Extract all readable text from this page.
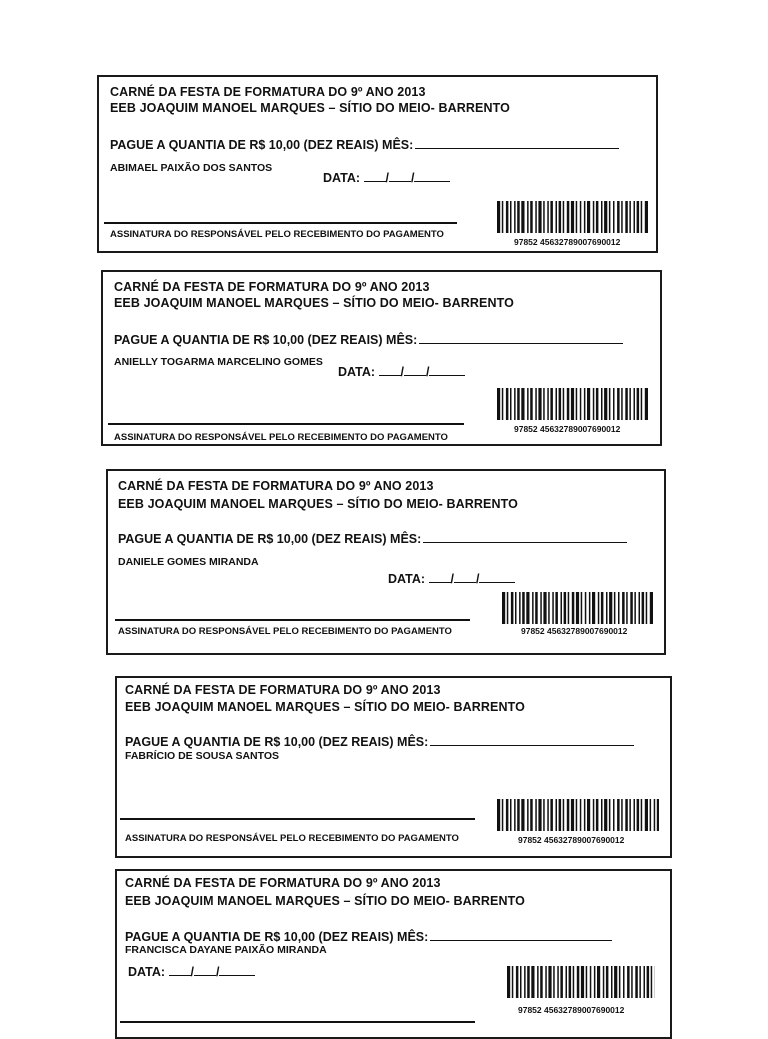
CARNÉ DA FESTA DE FORMATURA DO 9º ANO 2013
EEB JOAQUIM MANOEL MARQUES – SÍTIO DO MEIO- BARRENTO
PAGUE A QUANTIA DE R$ 10,00 (DEZ REAIS) MÊS:
ABIMAEL PAIXÃO DOS SANTOS
DATA: / /
ASSINATURA DO RESPONSÁVEL PELO RECEBIMENTO DO PAGAMENTO
97852 45632789007690012
CARNÉ DA FESTA DE FORMATURA DO 9º ANO 2013
EEB JOAQUIM MANOEL MARQUES – SÍTIO DO MEIO- BARRENTO
PAGUE A QUANTIA DE R$ 10,00 (DEZ REAIS) MÊS:
ANIELLY TOGARMA MARCELINO GOMES
DATA: / /
ASSINATURA DO RESPONSÁVEL PELO RECEBIMENTO DO PAGAMENTO
97852 45632789007690012
CARNÉ DA FESTA DE FORMATURA DO 9º ANO 2013
EEB JOAQUIM MANOEL MARQUES – SÍTIO DO MEIO- BARRENTO
PAGUE A QUANTIA DE R$ 10,00 (DEZ REAIS) MÊS:
DANIELE GOMES MIRANDA
DATA: / /
ASSINATURA DO RESPONSÁVEL PELO RECEBIMENTO DO PAGAMENTO	97852 45632789007690012
CARNÉ DA FESTA DE FORMATURA DO 9º ANO 2013
EEB JOAQUIM MANOEL MARQUES – SÍTIO DO MEIO- BARRENTO
PAGUE A QUANTIA DE R$ 10,00 (DEZ REAIS) MÊS:
FABRÍCIO DE SOUSA SANTOS
ASSINATURA DO RESPONSÁVEL PELO RECEBIMENTO DO PAGAMENTO	97852 45632789007690012
CARNÉ DA FESTA DE FORMATURA DO 9º ANO 2013
EEB JOAQUIM MANOEL MARQUES – SÍTIO DO MEIO- BARRENTO
PAGUE A QUANTIA DE R$ 10,00 (DEZ REAIS) MÊS:
FRANCISCA DAYANE PAIXÃO MIRANDA
DATA: / /
97852 45632789007690012
